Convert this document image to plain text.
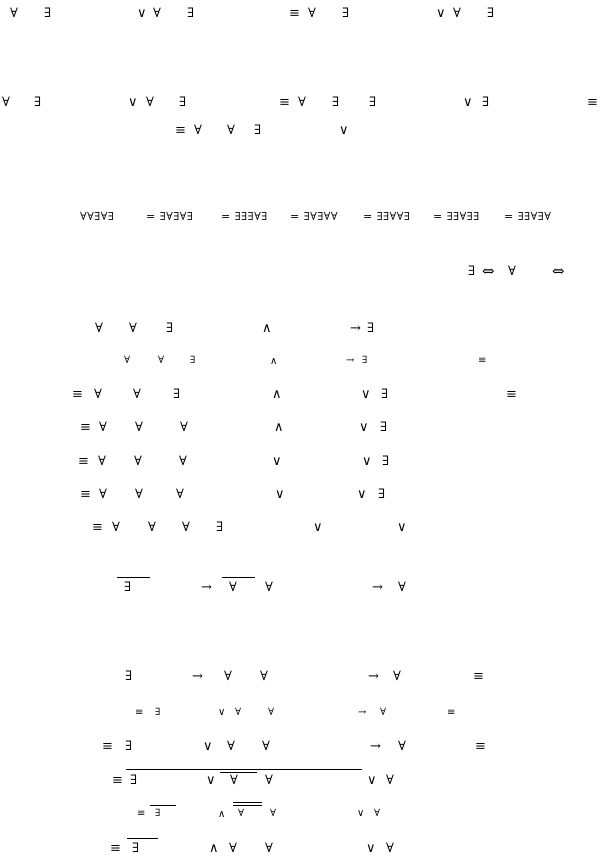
∀ ∃	∨ ∀ ∃	≡ ∀ ∃	∨ ∀ ∃
∀ ∃	∨ ∀ ∃	≡ ∀ ∃ ∃	∨ ∃	≡
≡ ∀ ∀ ∃	∨
∀∀∃∀∃	= ∃∀∃∀∃	= ∃∃∃∀∃ = ∃∀∃∀∀ = ∃∃∀∀∃ = ∃∃∀∃∃ = ∃∃∀∃∀
∃ ⇔ ∀ ⇔
∀ ∀ ∃	∧	→ ∃
∀	∀	∃	∧	→ ∃	≡
≡ ∀ ∀ ∃	∧	∨ ∃	≡
≡ ∀ ∀	∀	∧	∨ ∃
≡ ∀ ∀	∀	∨	∨ ∃
≡ ∀ ∀	∀	∨	∨ ∃
≡ ∀ ∀ ∀ ∃	∨	∨
∃	→ ∀ ∀	→ ∀
∃	→ ∀ ∀	→ ∀	≡
≡ ∃	∨ ∀	∀	→ ∀	≡
≡ ∃	∨ ∀ ∀	→ ∀	≡
≡ ∃	∨ ∀ ∀	∨ ∀
≡ ∃	∧ ∀	∀	∨ ∀
≡ ∃	∧ ∀ ∀	∨ ∀
